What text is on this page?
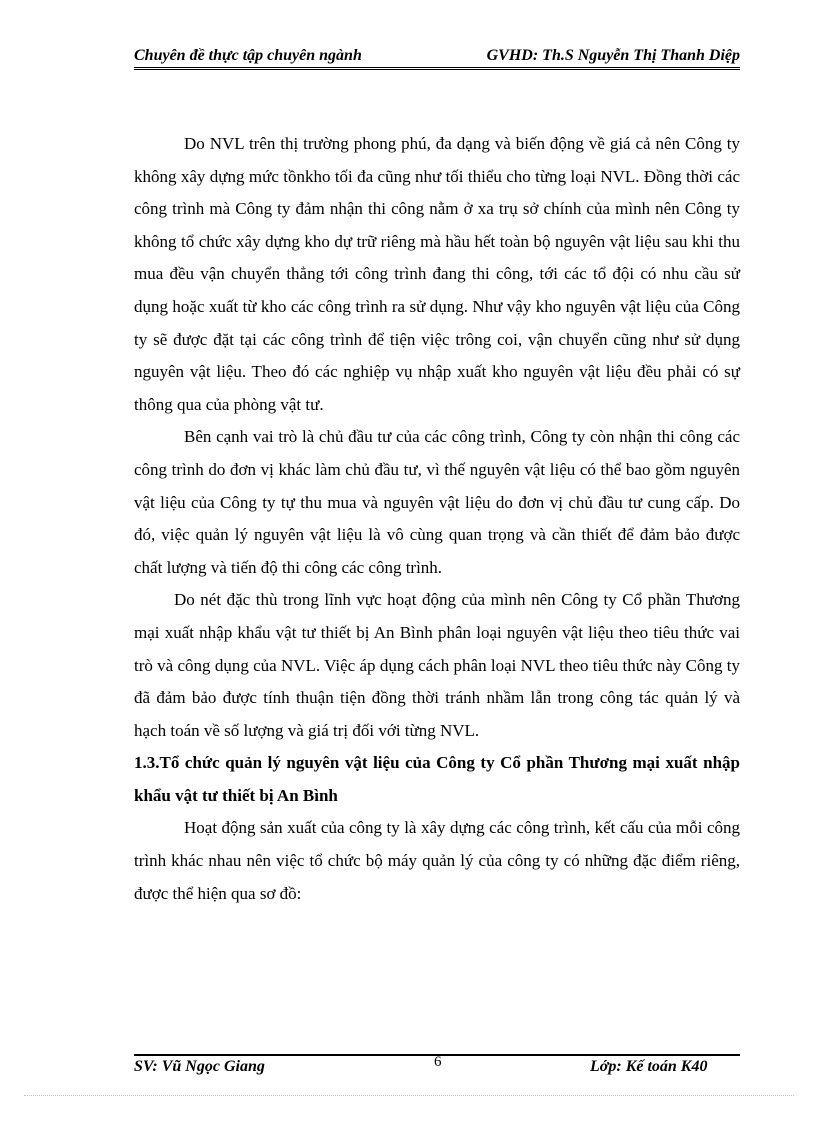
Chuyên đề thực tập chuyên ngành	GVHD: Th.S Nguyễn Thị Thanh Diệp

Do NVL trên thị trường phong phú, đa dạng và biến động về giá cả nên Công ty không xây dựng mức tồnkho tối đa cũng như tối thiểu cho từng loại NVL. Đồng thời các công trình mà Công ty đảm nhận thi công nằm ở xa trụ sở chính của mình nên Công ty không tổ chức xây dựng kho dự trữ riêng mà hầu hết toàn bộ nguyên vật liệu sau khi thu mua đều vận chuyển thẳng tới công trình đang thi công, tới các tổ đội có nhu cầu sử dụng hoặc xuất từ kho các công trình ra sử dụng. Như vậy kho nguyên vật liệu của Công ty sẽ được đặt tại các công trình để tiện việc trông coi, vận chuyển cũng như sử dụng nguyên vật liệu. Theo đó các nghiệp vụ nhập xuất kho nguyên vật liệu đều phải có sự thông qua của phòng vật tư.

Bên cạnh vai trò là chủ đầu tư của các công trình, Công ty còn nhận thi công các công trình do đơn vị khác làm chủ đầu tư, vì thế nguyên vật liệu có thể bao gồm nguyên vật liệu của Công ty tự thu mua và nguyên vật liệu do đơn vị chủ đầu tư cung cấp. Do đó, việc quản lý nguyên vật liệu là vô cùng quan trọng và cần thiết để đảm bảo được chất lượng và tiến độ thi công các công trình.

Do nét đặc thù trong lĩnh vực hoạt động của mình nên Công ty Cổ phần Thương mại xuất nhập khẩu vật tư thiết bị An Bình phân loại nguyên vật liệu theo tiêu thức vai trò và công dụng của NVL. Việc áp dụng cách phân loại NVL theo tiêu thức này Công ty đã đảm bảo được tính thuận tiện đồng thời tránh nhầm lẫn trong công tác quản lý và hạch toán về số lượng và giá trị đối với từng NVL.

1.3.Tổ chức quản lý nguyên vật liệu của Công ty Cổ phần Thương mại xuất nhập khẩu vật tư thiết bị An Bình

Hoạt động sản xuất của công ty là xây dựng các công trình, kết cấu của mỗi công trình khác nhau nên việc tổ chức bộ máy quản lý của công ty có những đặc điểm riêng, được thể hiện qua sơ đồ:

SV: Vũ Ngọc Giang	6	Lớp: Kế toán K40
